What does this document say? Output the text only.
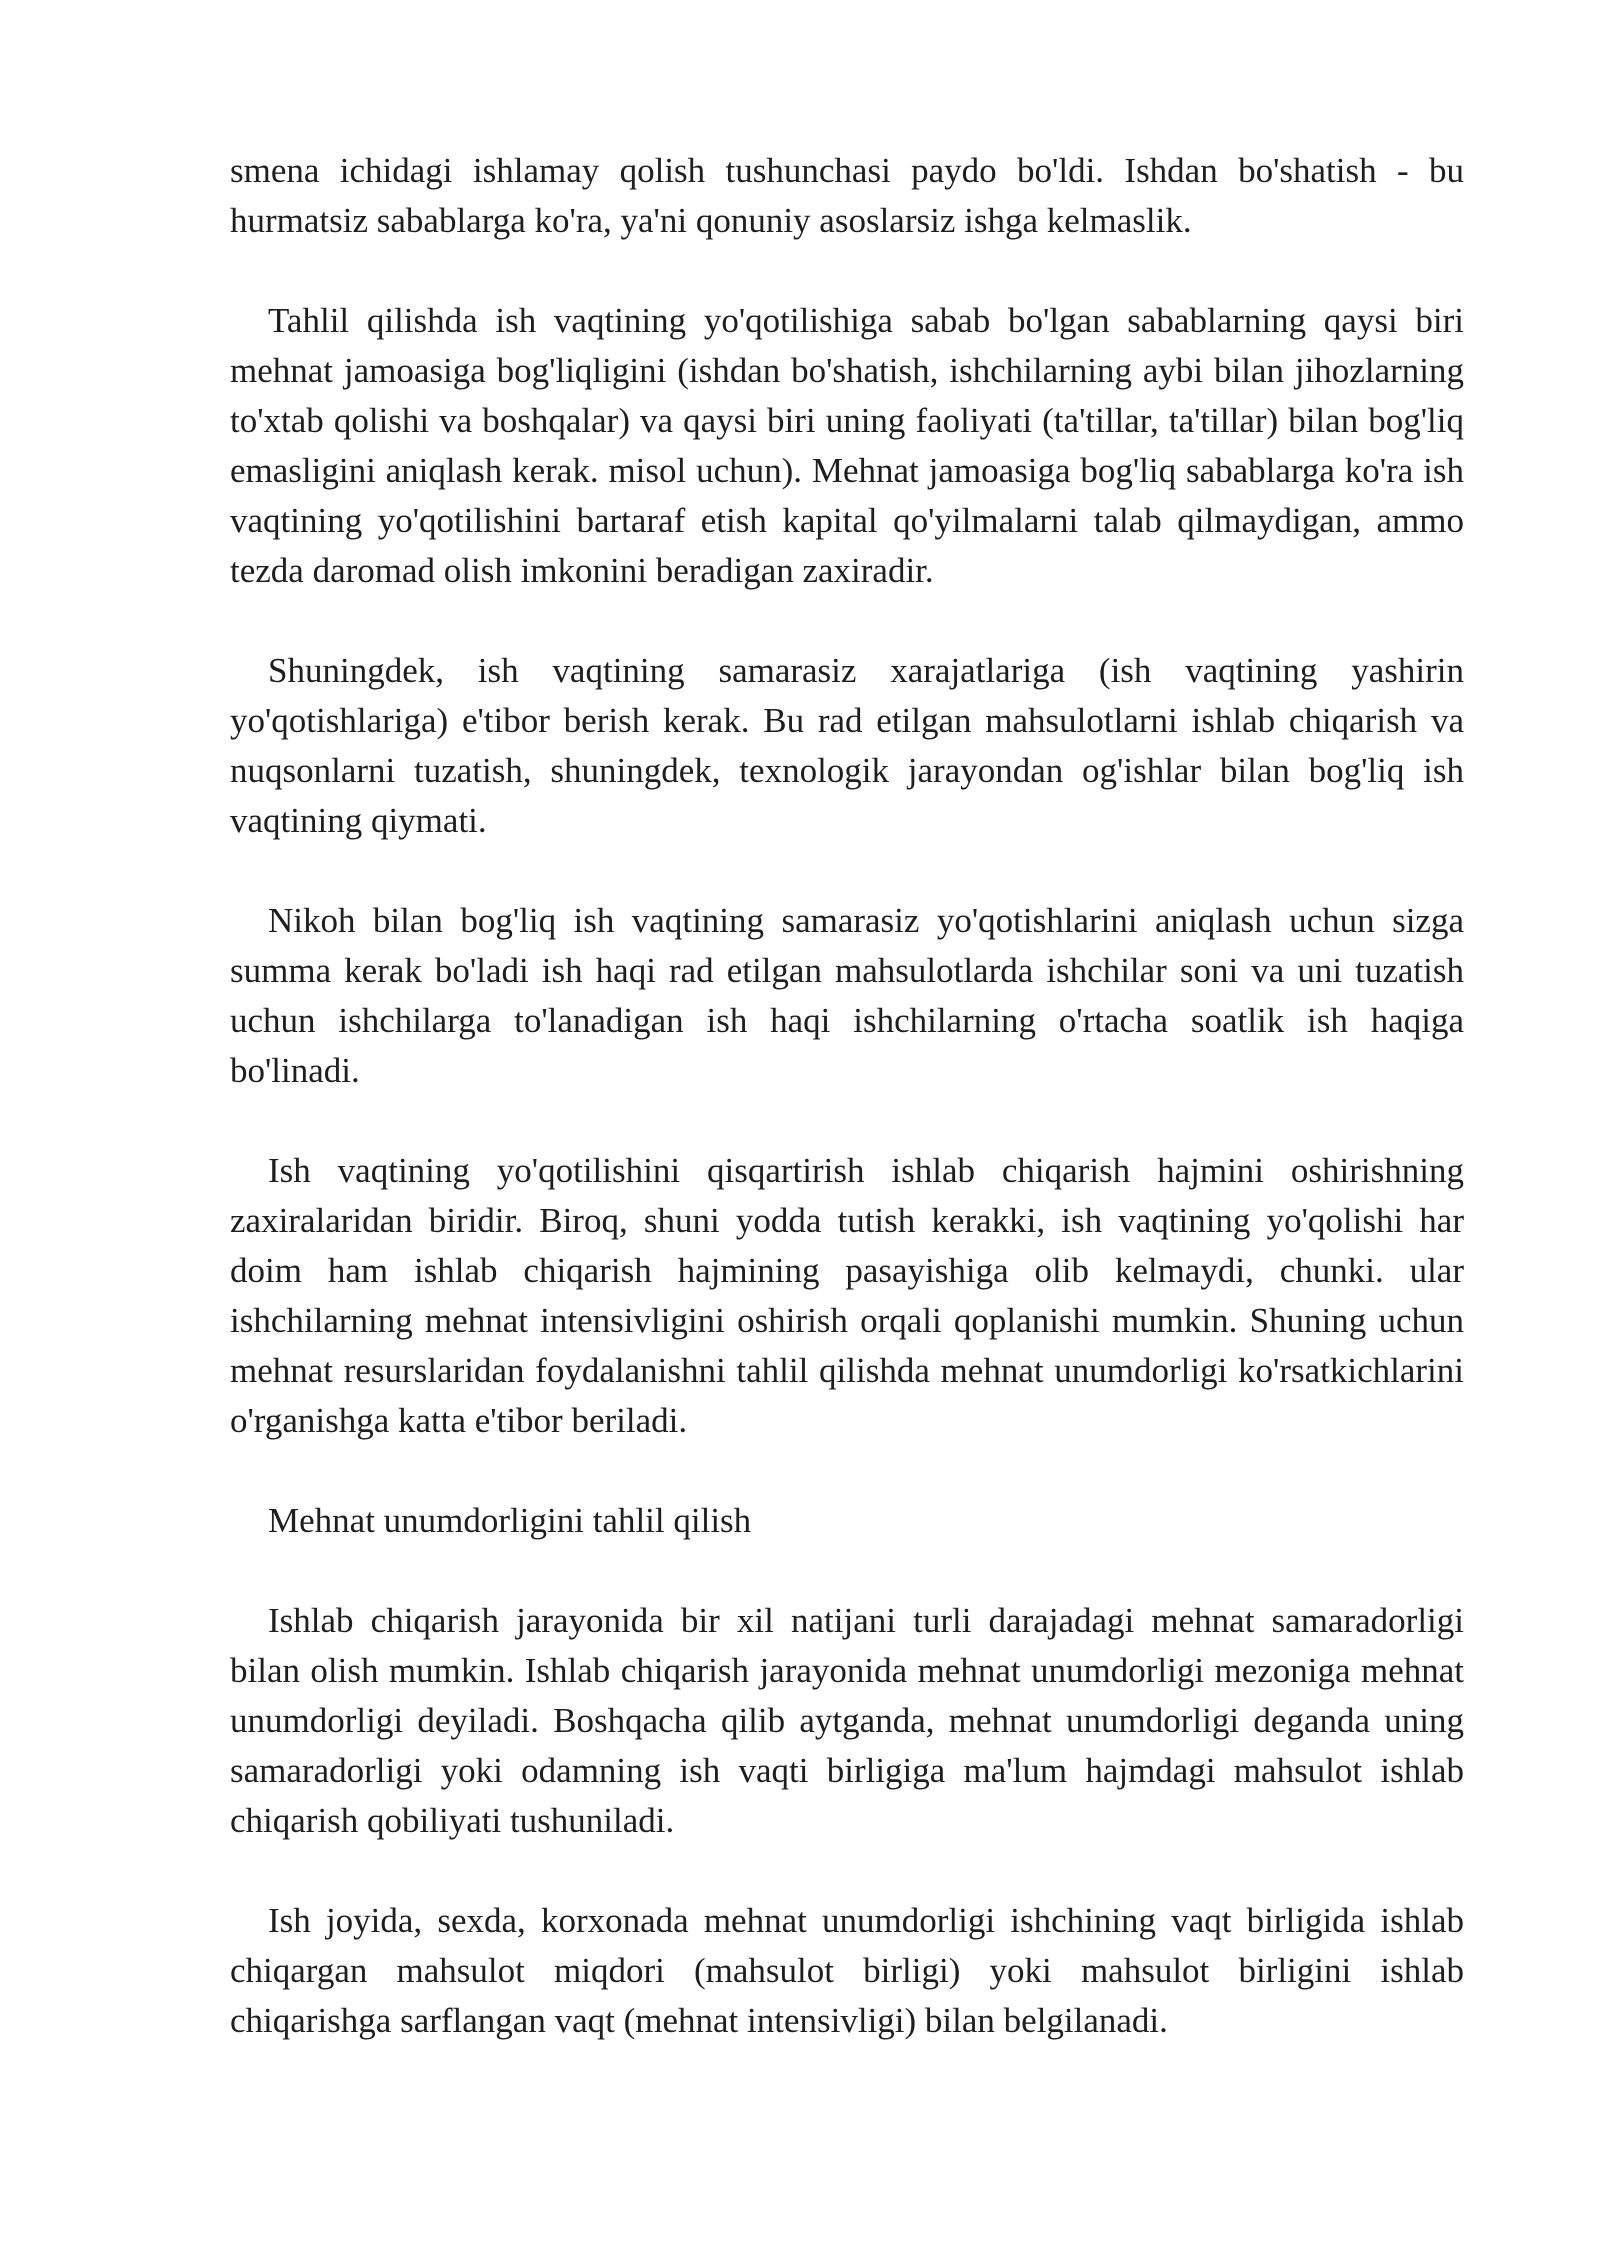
smena ichidagi ishlamay qolish tushunchasi paydo bo'ldi. Ishdan bo'shatish - bu hurmatsiz sabablarga ko'ra, ya'ni qonuniy asoslarsiz ishga kelmaslik.

Tahlil qilishda ish vaqtining yo'qotilishiga sabab bo'lgan sabablarning qaysi biri mehnat jamoasiga bog'liqligini (ishdan bo'shatish, ishchilarning aybi bilan jihozlarning to'xtab qolishi va boshqalar) va qaysi biri uning faoliyati (ta'tillar, ta'tillar) bilan bog'liq emasligini aniqlash kerak. misol uchun). Mehnat jamoasiga bog'liq sabablarga ko'ra ish vaqtining yo'qotilishini bartaraf etish kapital qo'yilmalarni talab qilmaydigan, ammo tezda daromad olish imkonini beradigan zaxiradir.

Shuningdek, ish vaqtining samarasiz xarajatlariga (ish vaqtining yashirin yo'qotishlariga) e'tibor berish kerak. Bu rad etilgan mahsulotlarni ishlab chiqarish va nuqsonlarni tuzatish, shuningdek, texnologik jarayondan og'ishlar bilan bog'liq ish vaqtining qiymati.

Nikoh bilan bog'liq ish vaqtining samarasiz yo'qotishlarini aniqlash uchun sizga summa kerak bo'ladi ish haqi rad etilgan mahsulotlarda ishchilar soni va uni tuzatish uchun ishchilarga to'lanadigan ish haqi ishchilarning o'rtacha soatlik ish haqiga bo'linadi.

Ish vaqtining yo'qotilishini qisqartirish ishlab chiqarish hajmini oshirishning zaxiralaridan biridir. Biroq, shuni yodda tutish kerakki, ish vaqtining yo'qolishi har doim ham ishlab chiqarish hajmining pasayishiga olib kelmaydi, chunki. ular ishchilarning mehnat intensivligini oshirish orqali qoplanishi mumkin. Shuning uchun mehnat resurslaridan foydalanishni tahlil qilishda mehnat unumdorligi ko'rsatkichlarini o'rganishga katta e'tibor beriladi.

Mehnat unumdorligini tahlil qilish

Ishlab chiqarish jarayonida bir xil natijani turli darajadagi mehnat samaradorligi bilan olish mumkin. Ishlab chiqarish jarayonida mehnat unumdorligi mezoniga mehnat unumdorligi deyiladi. Boshqacha qilib aytganda, mehnat unumdorligi deganda uning samaradorligi yoki odamning ish vaqti birligiga ma'lum hajmdagi mahsulot ishlab chiqarish qobiliyati tushuniladi.

Ish joyida, sexda, korxonada mehnat unumdorligi ishchining vaqt birligida ishlab chiqargan mahsulot miqdori (mahsulot birligi) yoki mahsulot birligini ishlab chiqarishga sarflangan vaqt (mehnat intensivligi) bilan belgilanadi.
